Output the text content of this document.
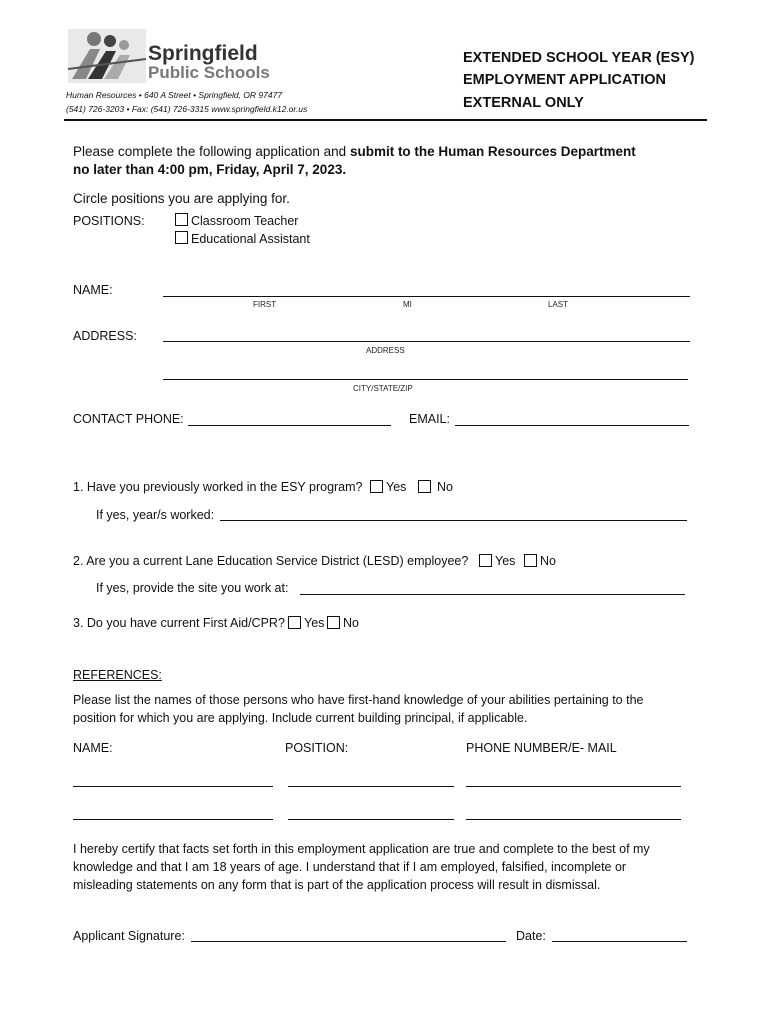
Springfield
Public Schools
Human Resources • 640 A Street • Springfield, OR 97477
(541) 726-3203 • Fax: (541) 726-3315 www.springfield.k12.or.us
EXTENDED SCHOOL YEAR (ESY)
EMPLOYMENT APPLICATION
EXTERNAL ONLY
Please complete the following application and submit to the Human Resources Department
no later than 4:00 pm, Friday, April 7, 2023.
Circle positions you are applying for.
POSITIONS:	Classroom Teacher
Educational Assistant
NAME:
FIRST	MI	LAST
ADDRESS:
ADDRESS
CITY/STATE/ZIP
CONTACT PHONE:	EMAIL:
1. Have you previously worked in the ESY program? Yes No
If yes, year/s worked:
2. Are you a current Lane Education Service District (LESD) employee? Yes No
If yes, provide the site you work at:
3. Do you have current First Aid/CPR? Yes No
REFERENCES:
Please list the names of those persons who have first-hand knowledge of your abilities pertaining to the
position for which you are applying. Include current building principal, if applicable.
NAME:	POSITION:	PHONE NUMBER/E- MAIL
I hereby certify that facts set forth in this employment application are true and complete to the best of my
knowledge and that I am 18 years of age. I understand that if I am employed, falsified, incomplete or
misleading statements on any form that is part of the application process will result in dismissal.
Applicant Signature:	Date:
